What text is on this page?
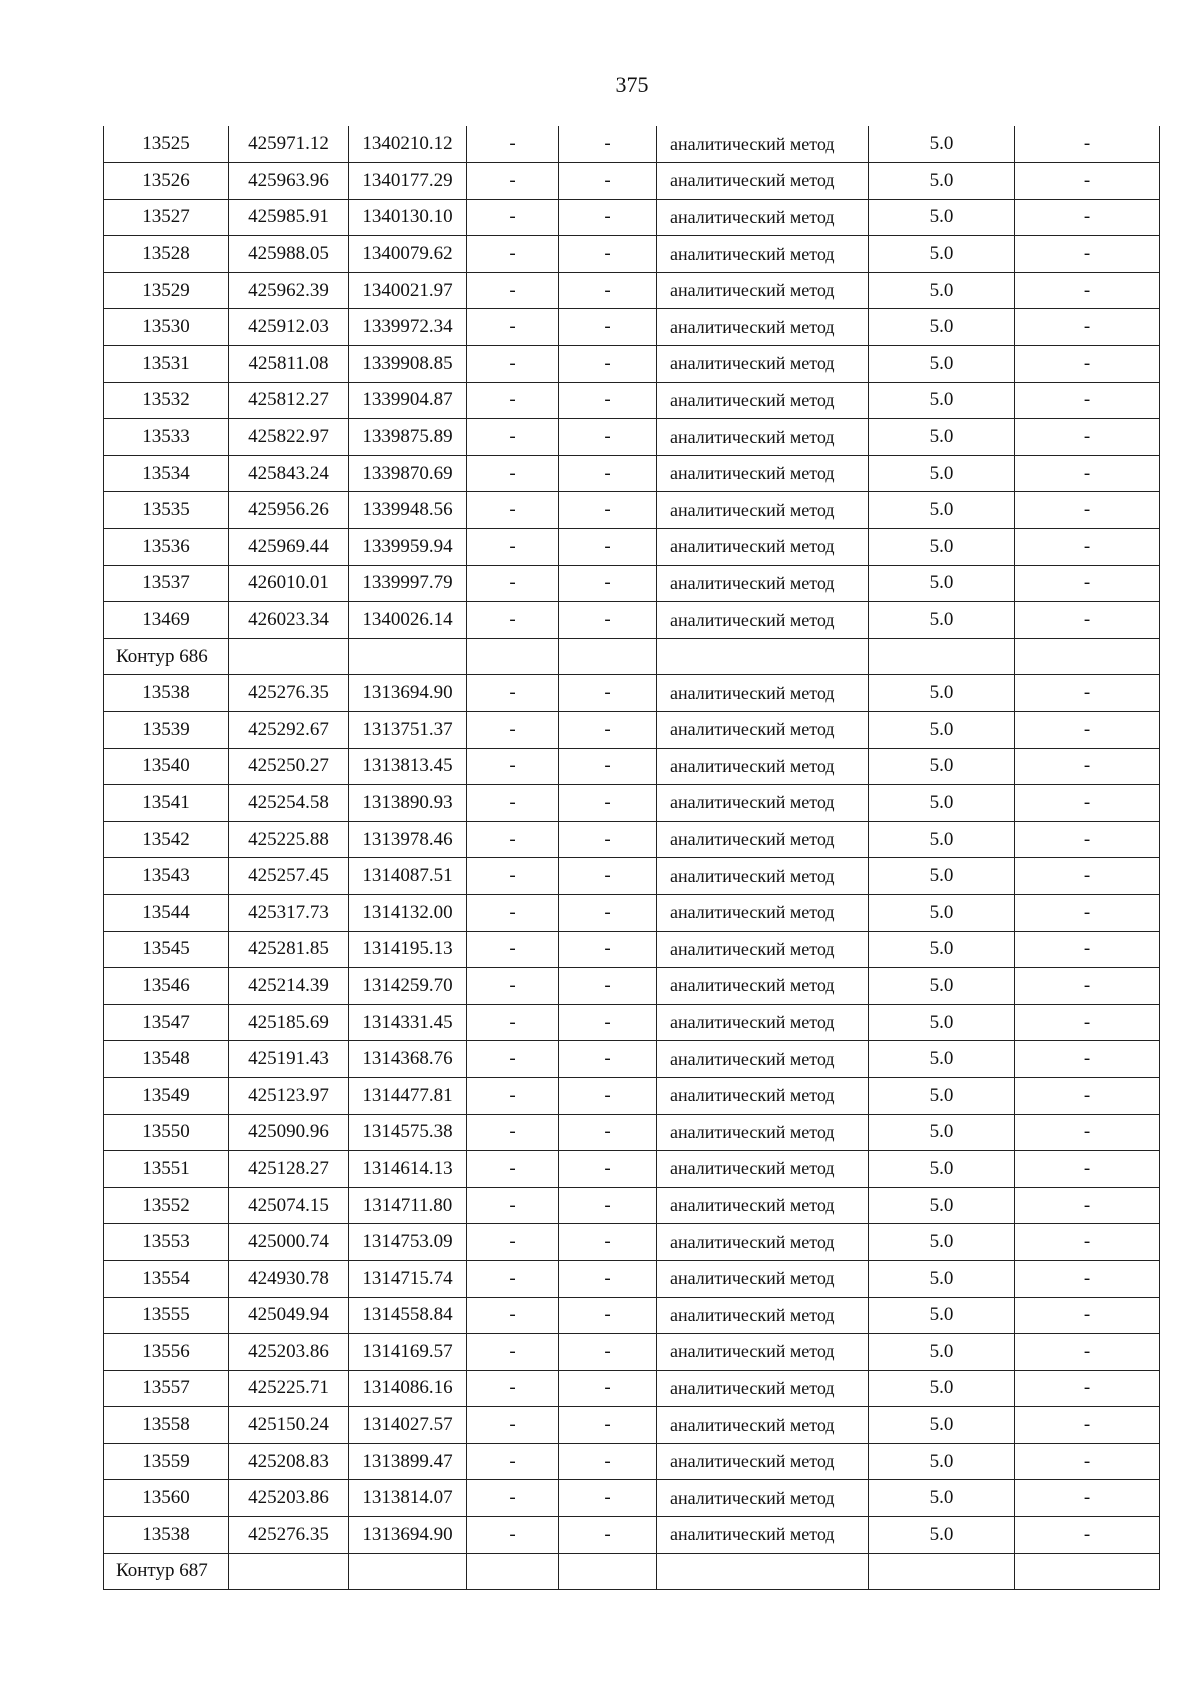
375
13525	425971.12	1340210.12	-	-	аналитический метод	5.0	-
13526	425963.96	1340177.29	-	-	аналитический метод	5.0	-
13527	425985.91	1340130.10	-	-	аналитический метод	5.0	-
13528	425988.05	1340079.62	-	-	аналитический метод	5.0	-
13529	425962.39	1340021.97	-	-	аналитический метод	5.0	-
13530	425912.03	1339972.34	-	-	аналитический метод	5.0	-
13531	425811.08	1339908.85	-	-	аналитический метод	5.0	-
13532	425812.27	1339904.87	-	-	аналитический метод	5.0	-
13533	425822.97	1339875.89	-	-	аналитический метод	5.0	-
13534	425843.24	1339870.69	-	-	аналитический метод	5.0	-
13535	425956.26	1339948.56	-	-	аналитический метод	5.0	-
13536	425969.44	1339959.94	-	-	аналитический метод	5.0	-
13537	426010.01	1339997.79	-	-	аналитический метод	5.0	-
13469	426023.34	1340026.14	-	-	аналитический метод	5.0	-
Контур 686							
13538	425276.35	1313694.90	-	-	аналитический метод	5.0	-
13539	425292.67	1313751.37	-	-	аналитический метод	5.0	-
13540	425250.27	1313813.45	-	-	аналитический метод	5.0	-
13541	425254.58	1313890.93	-	-	аналитический метод	5.0	-
13542	425225.88	1313978.46	-	-	аналитический метод	5.0	-
13543	425257.45	1314087.51	-	-	аналитический метод	5.0	-
13544	425317.73	1314132.00	-	-	аналитический метод	5.0	-
13545	425281.85	1314195.13	-	-	аналитический метод	5.0	-
13546	425214.39	1314259.70	-	-	аналитический метод	5.0	-
13547	425185.69	1314331.45	-	-	аналитический метод	5.0	-
13548	425191.43	1314368.76	-	-	аналитический метод	5.0	-
13549	425123.97	1314477.81	-	-	аналитический метод	5.0	-
13550	425090.96	1314575.38	-	-	аналитический метод	5.0	-
13551	425128.27	1314614.13	-	-	аналитический метод	5.0	-
13552	425074.15	1314711.80	-	-	аналитический метод	5.0	-
13553	425000.74	1314753.09	-	-	аналитический метод	5.0	-
13554	424930.78	1314715.74	-	-	аналитический метод	5.0	-
13555	425049.94	1314558.84	-	-	аналитический метод	5.0	-
13556	425203.86	1314169.57	-	-	аналитический метод	5.0	-
13557	425225.71	1314086.16	-	-	аналитический метод	5.0	-
13558	425150.24	1314027.57	-	-	аналитический метод	5.0	-
13559	425208.83	1313899.47	-	-	аналитический метод	5.0	-
13560	425203.86	1313814.07	-	-	аналитический метод	5.0	-
13538	425276.35	1313694.90	-	-	аналитический метод	5.0	-
Контур 687							
